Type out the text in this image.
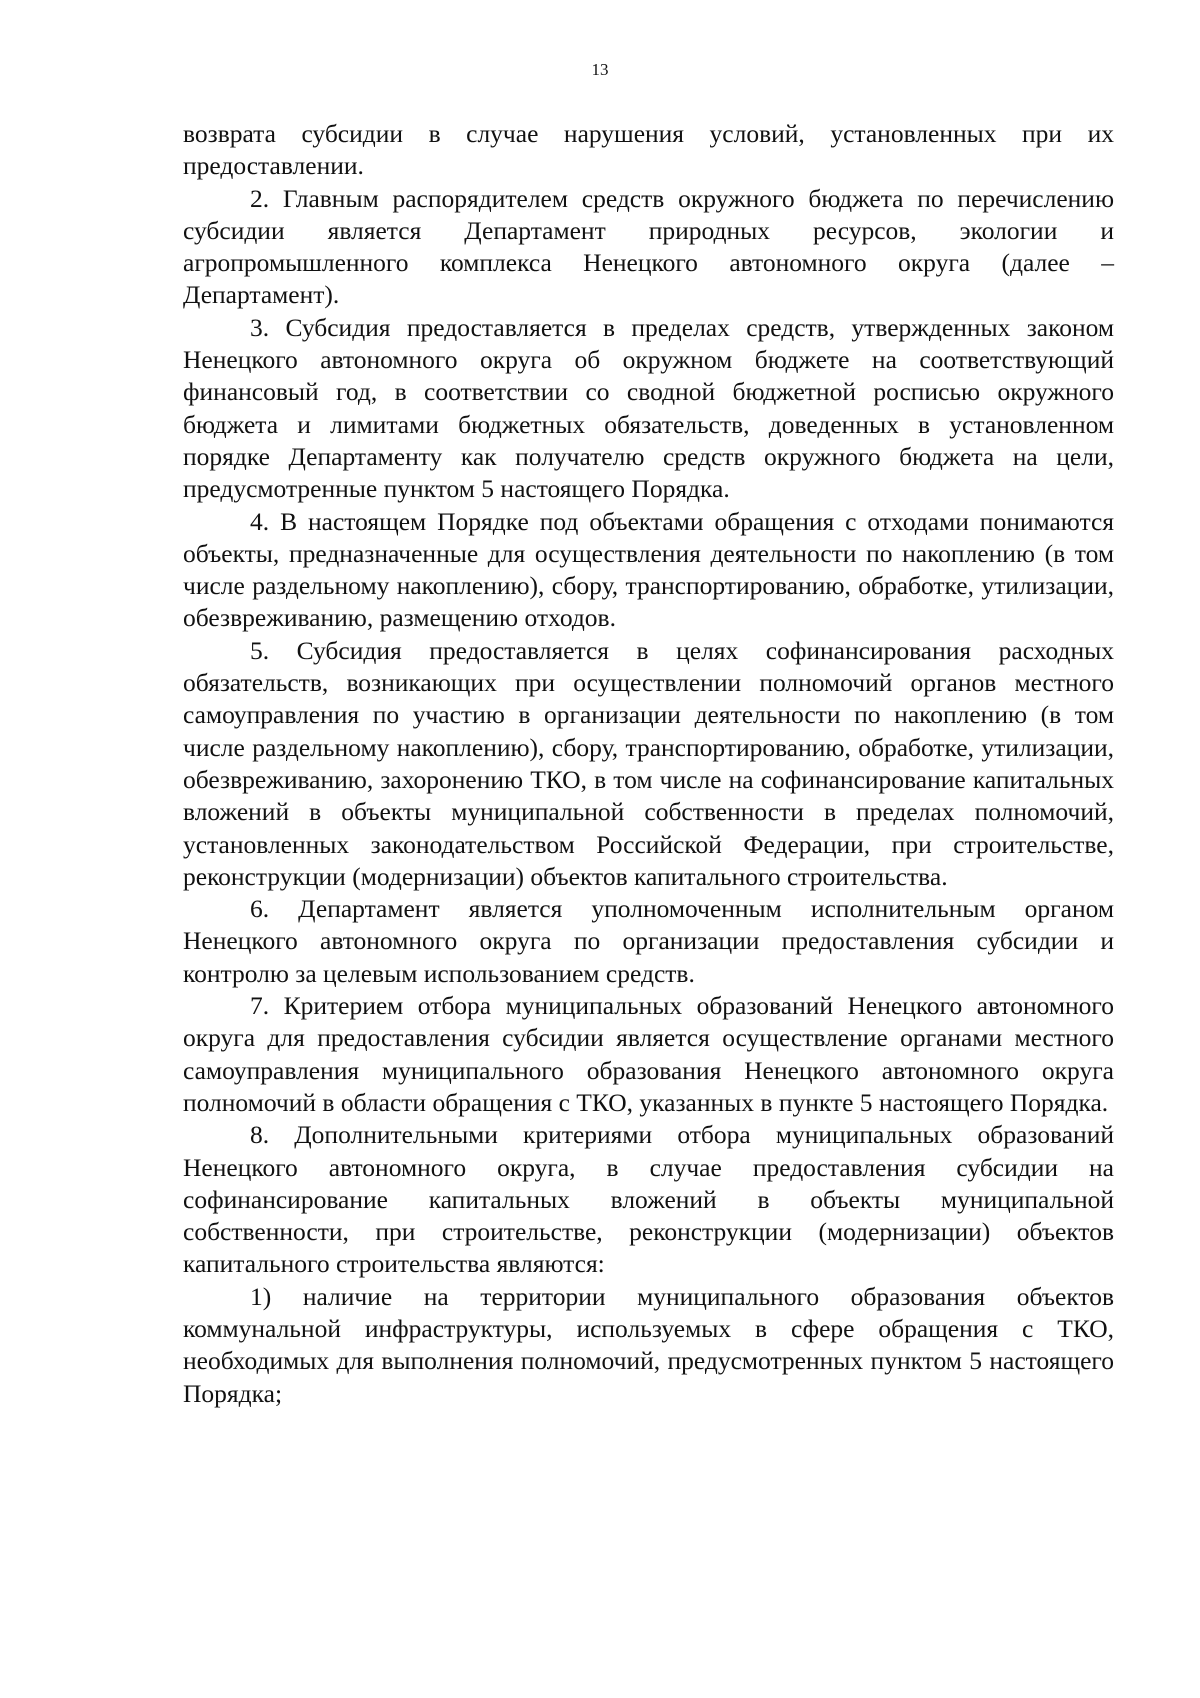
13

возврата субсидии в случае нарушения условий, установленных при их предоставлении.

2. Главным распорядителем средств окружного бюджета по перечислению субсидии является Департамент природных ресурсов, экологии и агропромышленного комплекса Ненецкого автономного округа (далее – Департамент).

3. Субсидия предоставляется в пределах средств, утвержденных законом Ненецкого автономного округа об окружном бюджете на соответствующий финансовый год, в соответствии со сводной бюджетной росписью окружного бюджета и лимитами бюджетных обязательств, доведенных в установленном порядке Департаменту как получателю средств окружного бюджета на цели, предусмотренные пунктом 5 настоящего Порядка.

4. В настоящем Порядке под объектами обращения с отходами понимаются объекты, предназначенные для осуществления деятельности по накоплению (в том числе раздельному накоплению), сбору, транспортированию, обработке, утилизации, обезвреживанию, размещению отходов.

5. Субсидия предоставляется в целях софинансирования расходных обязательств, возникающих при осуществлении полномочий органов местного самоуправления по участию в организации деятельности по накоплению (в том числе раздельному накоплению), сбору, транспортированию, обработке, утилизации, обезвреживанию, захоронению ТКО, в том числе на софинансирование капитальных вложений в объекты муниципальной собственности в пределах полномочий, установленных законодательством Российской Федерации, при строительстве, реконструкции (модернизации) объектов капитального строительства.

6. Департамент является уполномоченным исполнительным органом Ненецкого автономного округа по организации предоставления субсидии и контролю за целевым использованием средств.

7. Критерием отбора муниципальных образований Ненецкого автономного округа для предоставления субсидии является осуществление органами местного самоуправления муниципального образования Ненецкого автономного округа полномочий в области обращения с ТКО, указанных в пункте 5 настоящего Порядка.

8. Дополнительными критериями отбора муниципальных образований Ненецкого автономного округа, в случае предоставления субсидии на софинансирование капитальных вложений в объекты муниципальной собственности, при строительстве, реконструкции (модернизации) объектов капитального строительства являются:

1) наличие на территории муниципального образования объектов коммунальной инфраструктуры, используемых в сфере обращения с ТКО, необходимых для выполнения полномочий, предусмотренных пунктом 5 настоящего Порядка;
